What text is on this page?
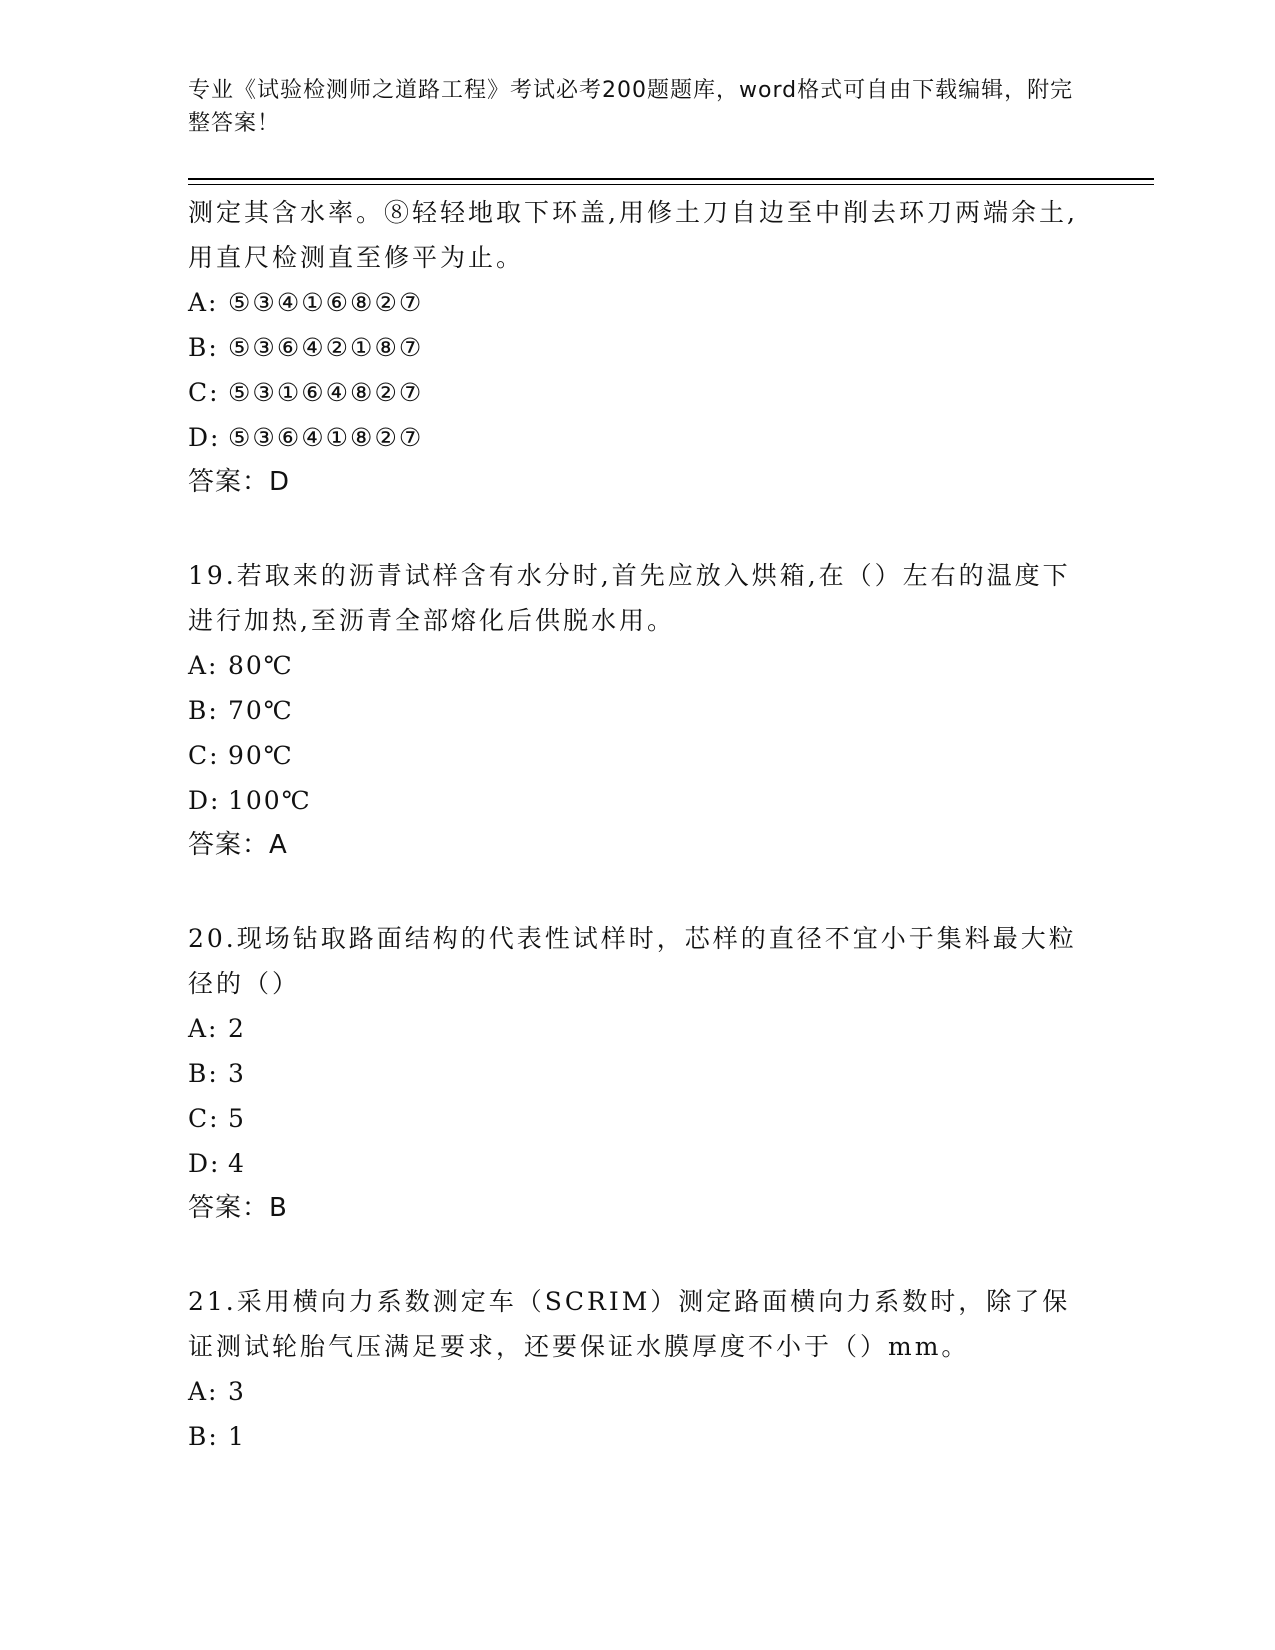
专业《试验检测师之道路工程》考试必考200题题库，word格式可自由下载编辑，附完整答案！

测定其含水率。⑧轻轻地取下环盖,用修土刀自边至中削去环刀两端余土,用直尺检测直至修平为止。

A: ⑤③④①⑥⑧②⑦
B: ⑤③⑥④②①⑧⑦
C: ⑤③①⑥④⑧②⑦
D: ⑤③⑥④①⑧②⑦
答案：D

19.若取来的沥青试样含有水分时,首先应放入烘箱,在（）左右的温度下进行加热,至沥青全部熔化后供脱水用。

A: 80℃
B: 70℃
C: 90℃
D: 100℃
答案：A

20.现场钻取路面结构的代表性试样时，芯样的直径不宜小于集料最大粒径的（）

A: 2
B: 3
C: 5
D: 4
答案：B

21.采用横向力系数测定车（SCRIM）测定路面横向力系数时，除了保证测试轮胎气压满足要求，还要保证水膜厚度不小于（）mm。

A: 3
B: 1
